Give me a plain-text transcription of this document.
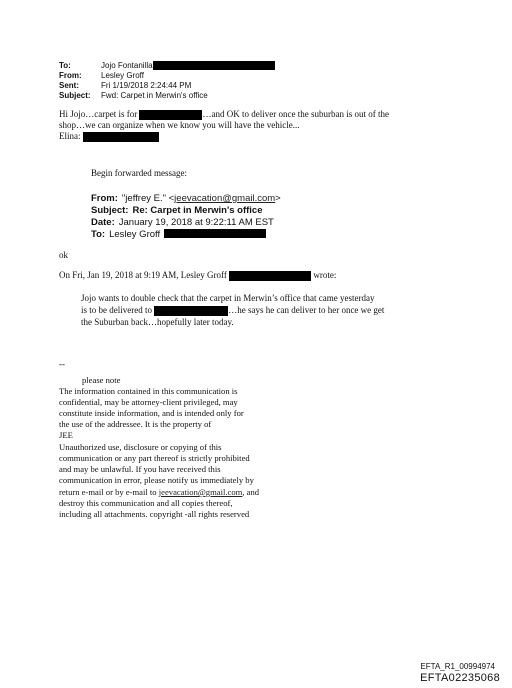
To:	Jojo Fontanilla
From: Lesley Groff
Sent:	Fri 1/19/2018 2:24:44 PM
Subject: Fwd: Carpet in Merwin's office
Hi Jojo…carpet is for	…and OK to deliver once the suburban is out of the
shop…we can organize when we know you will have the vehicle...
Elina:
Begin forwarded message:
From: "jeffrey E." <jeevacation@gmail.com>
Subject: Re: Carpet in Merwin's office
Date: January 19, 2018 at 9:22:11 AM EST
To: Lesley Groff
ok
On Fri, Jan 19, 2018 at 9:19 AM, Lesley Groff	wrote:
Jojo wants to double check that the carpet in Merwin’s office that came yesterday
is to be delivered to	…he says he can deliver to her once we get
the Suburban back…hopefully later today.
--
please note
The information contained in this communication is
confidential, may be attorney-client privileged, may
constitute inside information, and is intended only for
the use of the addressee. It is the property of
JEE
Unauthorized use, disclosure or copying of this
communication or any part thereof is strictly prohibited
and may be unlawful. If you have received this
communication in error, please notify us immediately by
return e-mail or by e-mail to jeevacation@gmail.com, and
destroy this communication and all copies thereof,
including all attachments. copyright -all rights reserved
EFTA_R1_00994974
EFTA02235068
